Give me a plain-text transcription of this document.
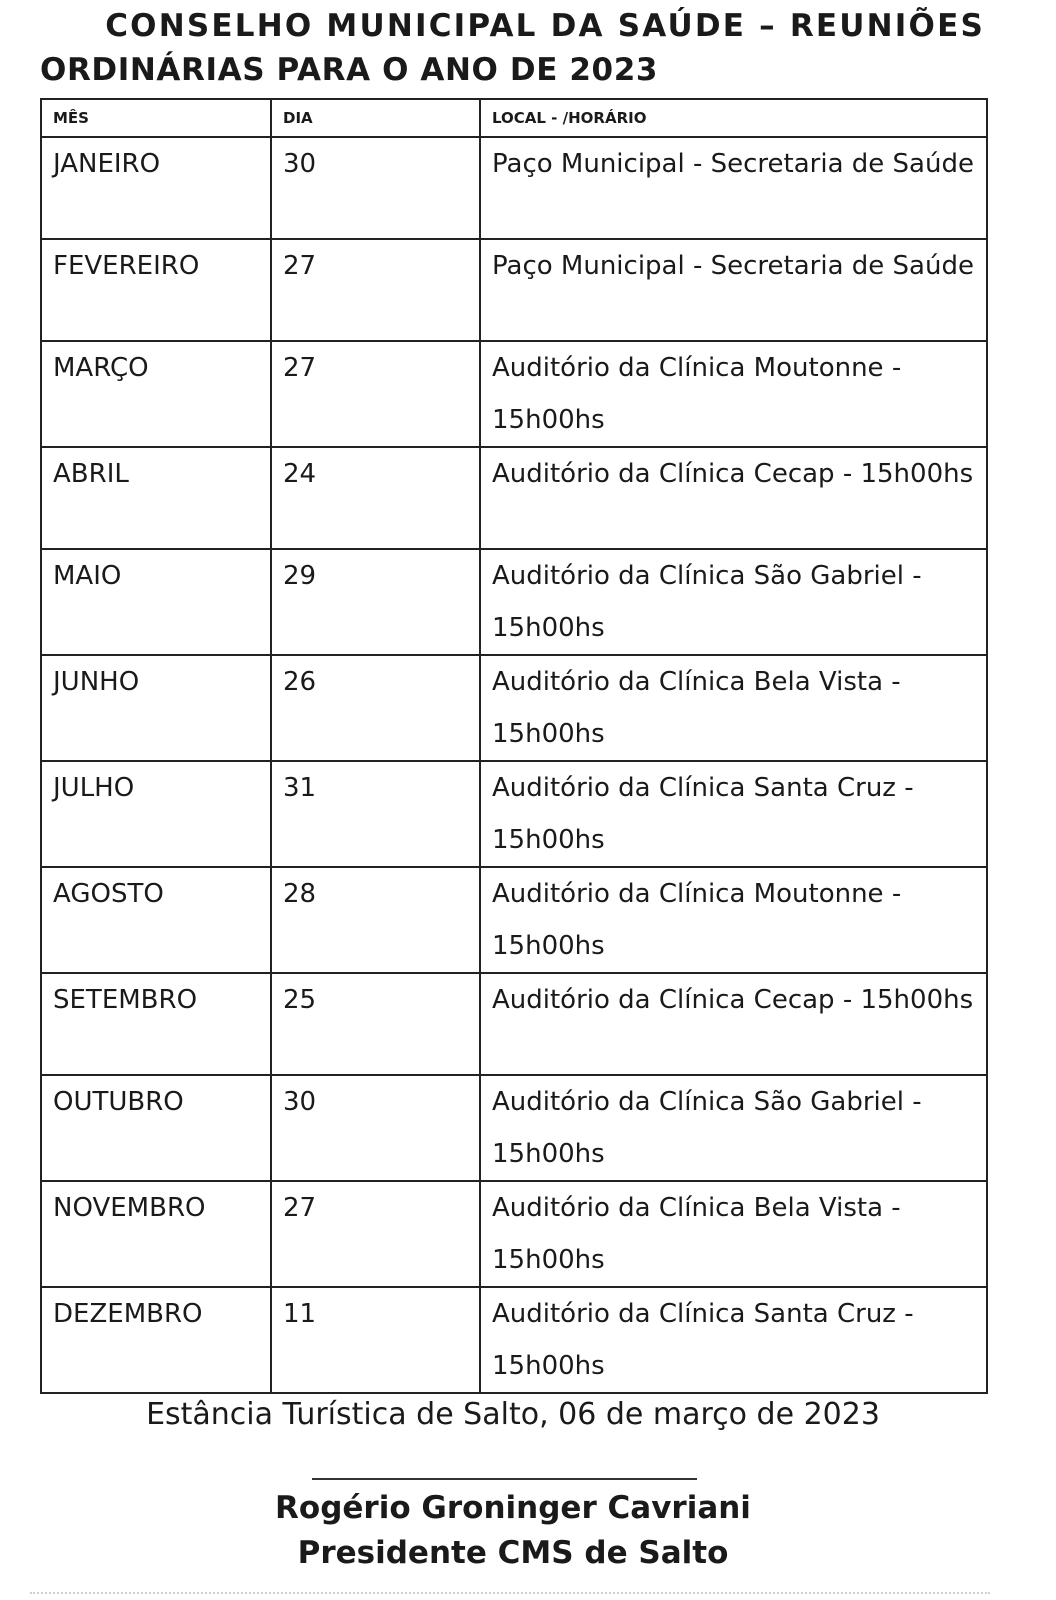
CONSELHO MUNICIPAL DA SAÚDE – REUNIÕES
ORDINÁRIAS PARA O ANO DE 2023
MÊS	DIA	LOCAL - /HORÁRIO
JANEIRO	30	Paço Municipal - Secretaria de Saúde
FEVEREIRO	27	Paço Municipal - Secretaria de Saúde
MARÇO	27	Auditório da Clínica Moutonne - 15h00hs
ABRIL	24	Auditório da Clínica Cecap - 15h00hs
MAIO	29	Auditório da Clínica São Gabriel - 15h00hs
JUNHO	26	Auditório da Clínica Bela Vista - 15h00hs
JULHO	31	Auditório da Clínica Santa Cruz - 15h00hs
AGOSTO	28	Auditório da Clínica Moutonne - 15h00hs
SETEMBRO	25	Auditório da Clínica Cecap - 15h00hs
OUTUBRO	30	Auditório da Clínica São Gabriel - 15h00hs
NOVEMBRO	27	Auditório da Clínica Bela Vista - 15h00hs
DEZEMBRO	11	Auditório da Clínica Santa Cruz - 15h00hs
Estância Turística de Salto, 06 de março de 2023
Rogério Groninger Cavriani
Presidente CMS de Salto
